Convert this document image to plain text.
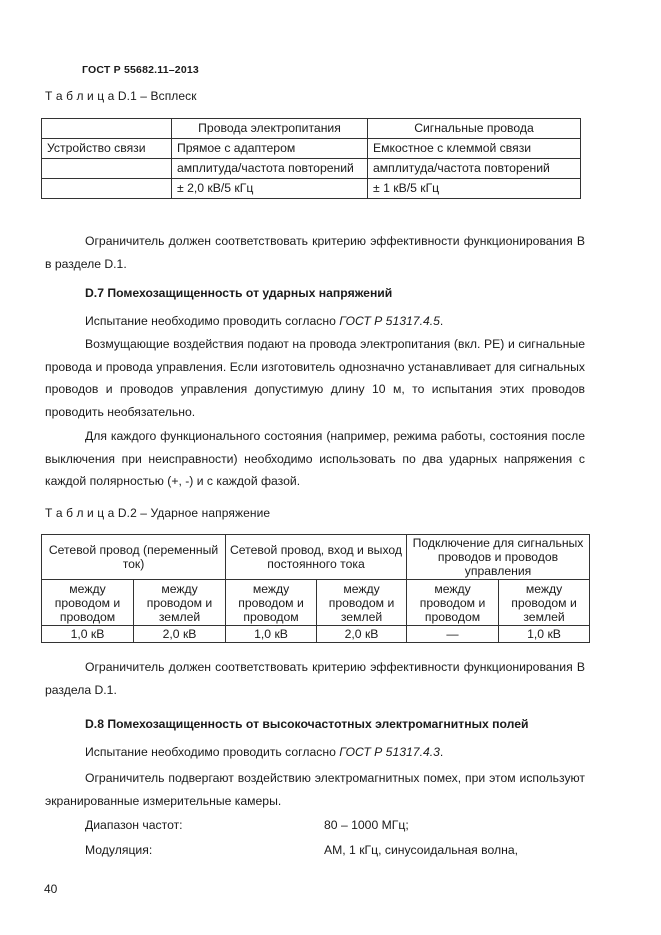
ГОСТ Р 55682.11–2013
Т а б л и ц а D.1 – Всплеск
	Провода электропитания	Сигнальные провода
Устройство связи	Прямое с адаптером	Емкостное с клеммой связи
	амплитуда/частота повторений	амплитуда/частота повторений
	± 2,0 кВ/5 кГц	± 1 кВ/5 кГц

Ограничитель должен соответствовать критерию эффективности функционирования B в разделе D.1.

D.7 Помехозащищенность от ударных напряжений

Испытание необходимо проводить согласно ГОСТ Р 51317.4.5.

Возмущающие воздействия подают на провода электропитания (вкл. PE) и сигнальные провода и провода управления. Если изготовитель однозначно устанавливает для сигнальных проводов и проводов управления допустимую длину 10 м, то испытания этих проводов проводить необязательно.

Для каждого функционального состояния (например, режима работы, состояния после выключения при неисправности) необходимо использовать по два ударных напряжения с каждой полярностью (+, -) и с каждой фазой.

Т а б л и ц а D.2 – Ударное напряжение
Сетевой провод (переменный ток)		Сетевой провод, вход и выход постоянного тока		Подключение для сигнальных проводов и проводов управления	
между проводом и проводом	между проводом и землей	между проводом и проводом	между проводом и землей	между проводом и проводом	между проводом и землей
1,0 кВ	2,0 кВ	1,0 кВ	2,0 кВ	—	1,0 кВ

Ограничитель должен соответствовать критерию эффективности функционирования B раздела D.1.

D.8 Помехозащищенность от высокочастотных электромагнитных полей

Испытание необходимо проводить согласно ГОСТ Р 51317.4.3.

Ограничитель подвергают воздействию электромагнитных помех, при этом используют экранированные измерительные камеры.

Диапазон частот:	80 – 1000 МГц;
Модуляция:	AM, 1 кГц, синусоидальная волна,
40
